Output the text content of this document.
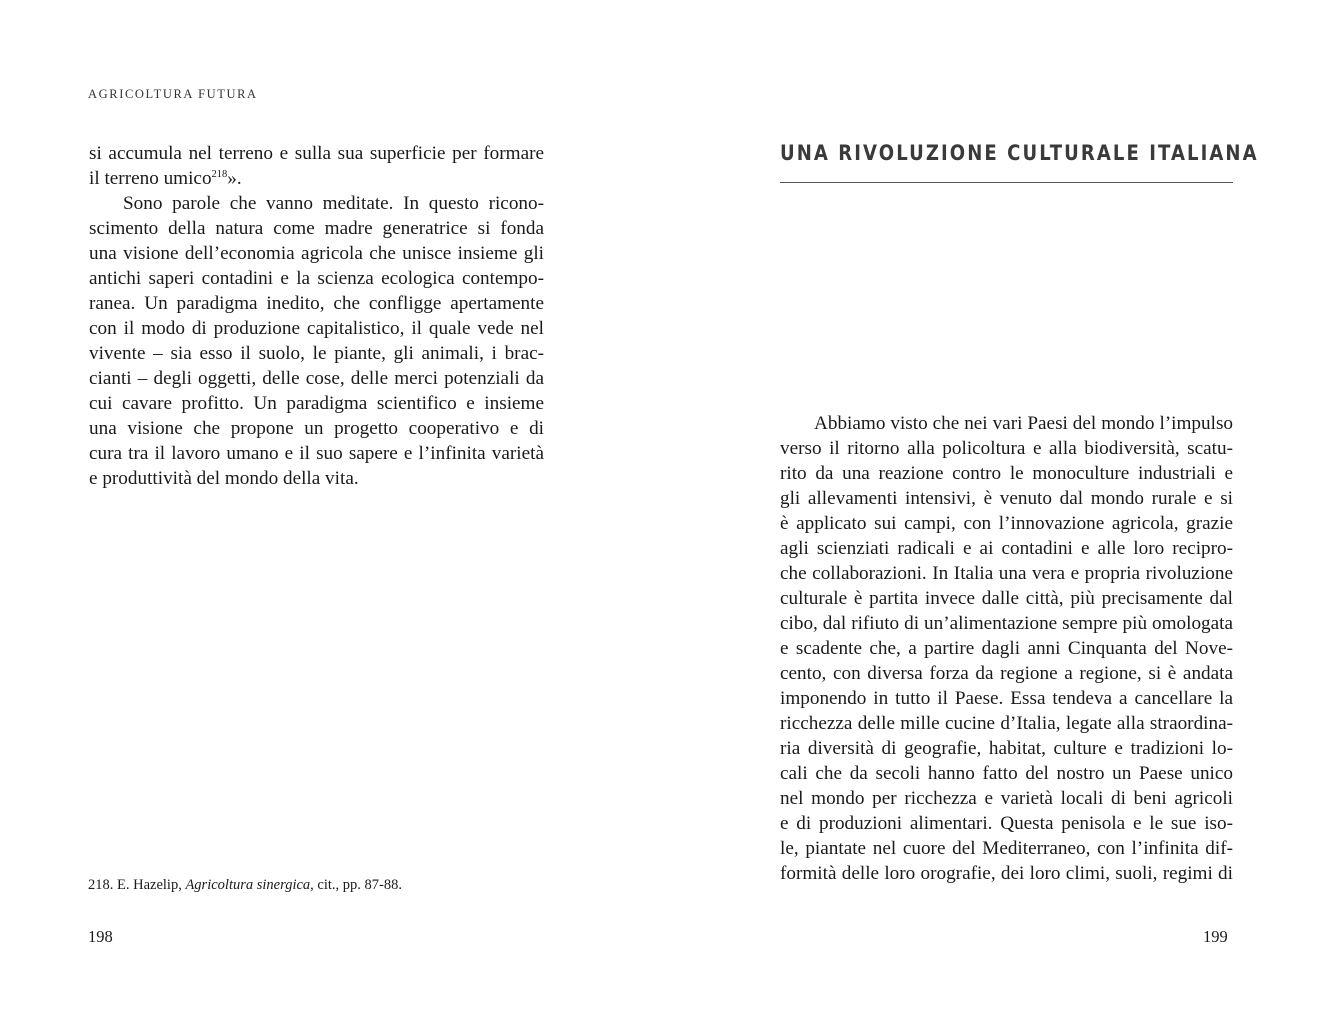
AGRICOLTURA FUTURA
si accumula nel terreno e sulla sua superficie per formare
il terreno umico$^{218}$».
Sono parole che vanno meditate. In questo ricono-
scimento della natura come madre generatrice si fonda
una visione dell’economia agricola che unisce insieme gli
antichi saperi contadini e la scienza ecologica contempo-
ranea. Un paradigma inedito, che confligge apertamente
con il modo di produzione capitalistico, il quale vede nel
vivente – sia esso il suolo, le piante, gli animali, i brac-
cianti – degli oggetti, delle cose, delle merci potenziali da
cui cavare profitto. Un paradigma scientifico e insieme
una visione che propone un progetto cooperativo e di
cura tra il lavoro umano e il suo sapere e l’infinita varietà
e produttività del mondo della vita.
218. E. Hazelip, Agricoltura sinergica, cit., pp. 87-88.
198
UNA RIVOLUZIONE CULTURALE ITALIANA
Abbiamo visto che nei vari Paesi del mondo l’impulso
verso il ritorno alla policoltura e alla biodiversità, scatu-
rito da una reazione contro le monoculture industriali e
gli allevamenti intensivi, è venuto dal mondo rurale e si
è applicato sui campi, con l’innovazione agricola, grazie
agli scienziati radicali e ai contadini e alle loro recipro-
che collaborazioni. In Italia una vera e propria rivoluzione
culturale è partita invece dalle città, più precisamente dal
cibo, dal rifiuto di un’alimentazione sempre più omologata
e scadente che, a partire dagli anni Cinquanta del Nove-
cento, con diversa forza da regione a regione, si è andata
imponendo in tutto il Paese. Essa tendeva a cancellare la
ricchezza delle mille cucine d’Italia, legate alla straordina-
ria diversità di geografie, habitat, culture e tradizioni lo-
cali che da secoli hanno fatto del nostro un Paese unico
nel mondo per ricchezza e varietà locali di beni agricoli
e di produzioni alimentari. Questa penisola e le sue iso-
le, piantate nel cuore del Mediterraneo, con l’infinita dif-
formità delle loro orografie, dei loro climi, suoli, regimi di
199
